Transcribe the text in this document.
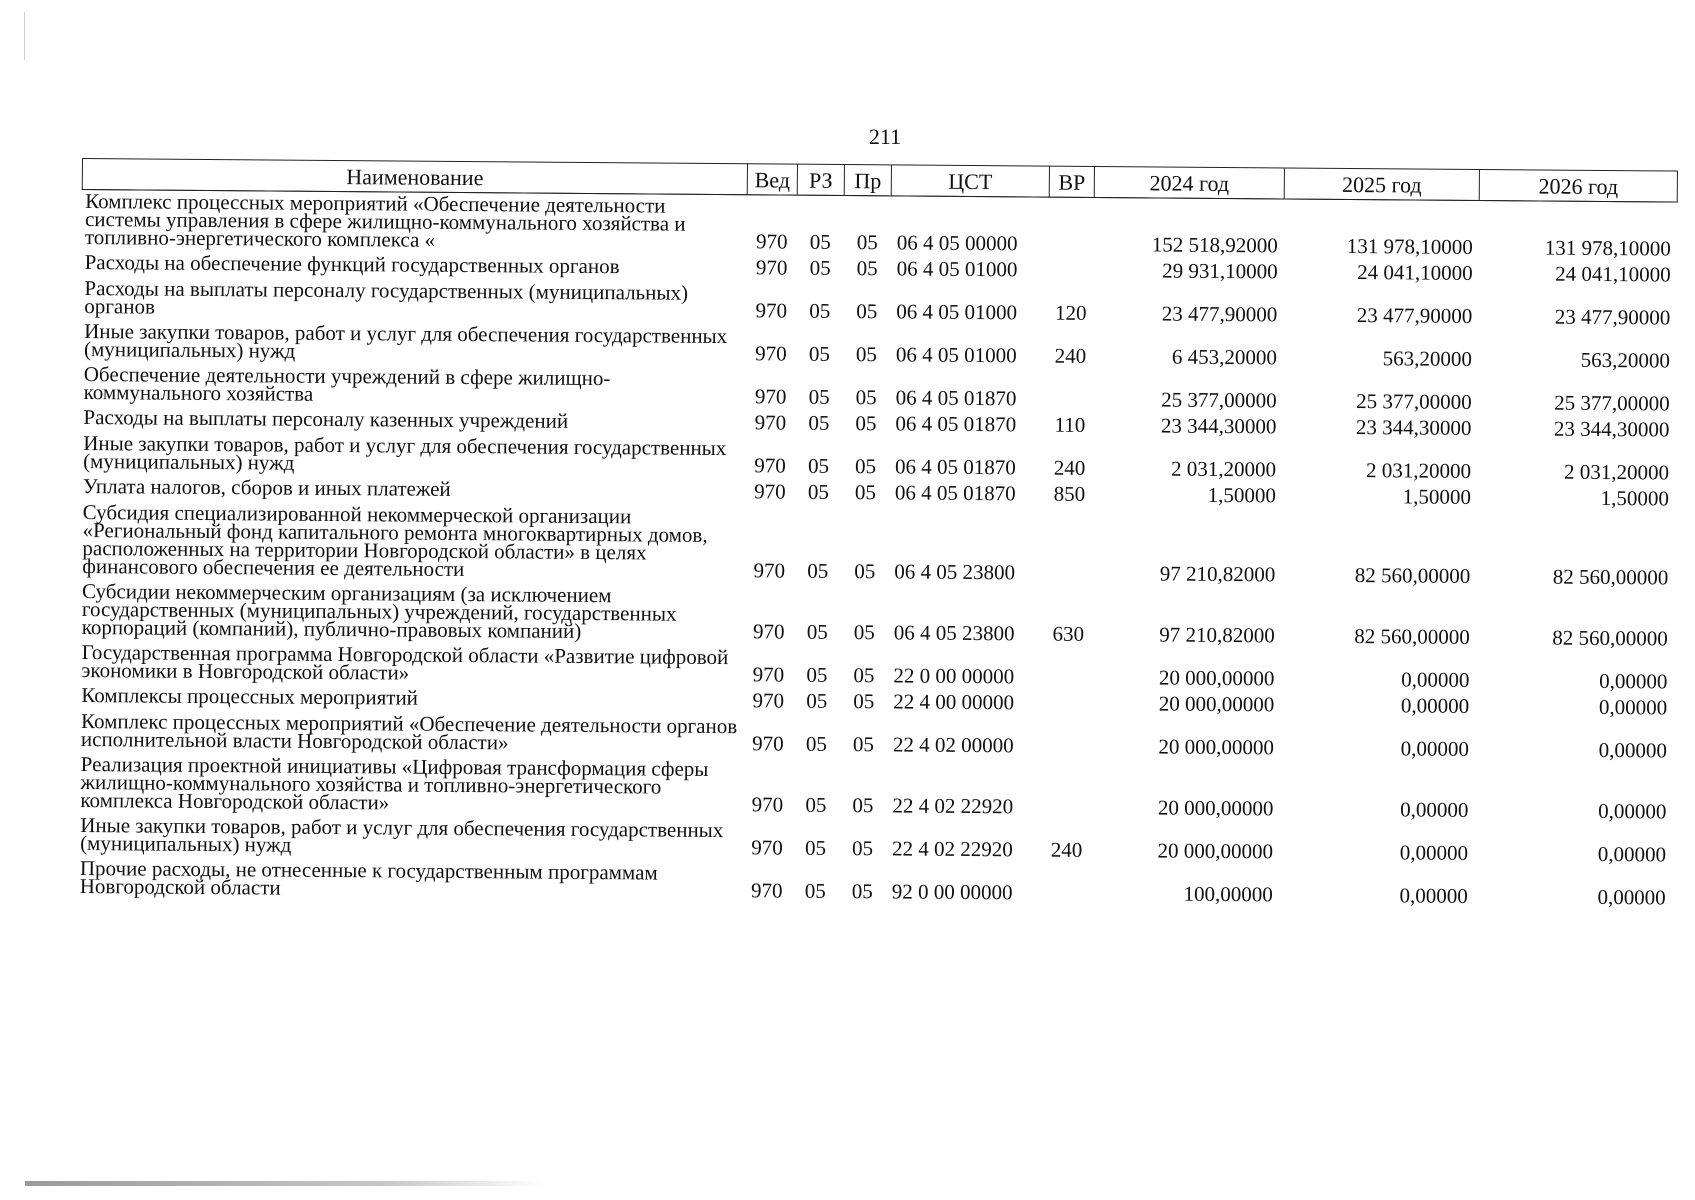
211
Наименование	Вед	РЗ	Пр	ЦСТ	ВР	2024 год	2025 год	2026 год
Комплекс процессных мероприятий «Обеспечение деятельности системы управления в сфере жилищно-коммунального хозяйства и топливно-энергетического комплекса «	970	05	05	06 4 05 00000		152 518,92000	131 978,10000	131 978,10000
Расходы на обеспечение функций государственных органов	970	05	05	06 4 05 01000		29 931,10000	24 041,10000	24 041,10000
Расходы на выплаты персоналу государственных (муниципальных) органов	970	05	05	06 4 05 01000	120	23 477,90000	23 477,90000	23 477,90000
Иные закупки товаров, работ и услуг для обеспечения государственных (муниципальных) нужд	970	05	05	06 4 05 01000	240	6 453,20000	563,20000	563,20000
Обеспечение деятельности учреждений в сфере жилищно-коммунального хозяйства	970	05	05	06 4 05 01870		25 377,00000	25 377,00000	25 377,00000
Расходы на выплаты персоналу казенных учреждений	970	05	05	06 4 05 01870	110	23 344,30000	23 344,30000	23 344,30000
Иные закупки товаров, работ и услуг для обеспечения государственных (муниципальных) нужд	970	05	05	06 4 05 01870	240	2 031,20000	2 031,20000	2 031,20000
Уплата налогов, сборов и иных платежей	970	05	05	06 4 05 01870	850	1,50000	1,50000	1,50000
Субсидия специализированной некоммерческой организации «Региональный фонд капитального ремонта многоквартирных домов, расположенных на территории Новгородской области» в целях финансового обеспечения ее деятельности	970	05	05	06 4 05 23800		97 210,82000	82 560,00000	82 560,00000
Субсидии некоммерческим организациям (за исключением государственных (муниципальных) учреждений, государственных корпораций (компаний), публично-правовых компаний)	970	05	05	06 4 05 23800	630	97 210,82000	82 560,00000	82 560,00000
Государственная программа Новгородской области «Развитие цифровой экономики в Новгородской области»	970	05	05	22 0 00 00000		20 000,00000	0,00000	0,00000
Комплексы процессных мероприятий	970	05	05	22 4 00 00000		20 000,00000	0,00000	0,00000
Комплекс процессных мероприятий «Обеспечение деятельности органов исполнительной власти Новгородской области»	970	05	05	22 4 02 00000		20 000,00000	0,00000	0,00000
Реализация проектной инициативы «Цифровая трансформация сферы жилищно-коммунального хозяйства и топливно-энергетического комплекса Новгородской области»	970	05	05	22 4 02 22920		20 000,00000	0,00000	0,00000
Иные закупки товаров, работ и услуг для обеспечения государственных (муниципальных) нужд	970	05	05	22 4 02 22920	240	20 000,00000	0,00000	0,00000
Прочие расходы, не отнесенные к государственным программам Новгородской области	970	05	05	92 0 00 00000		100,00000	0,00000	0,00000
